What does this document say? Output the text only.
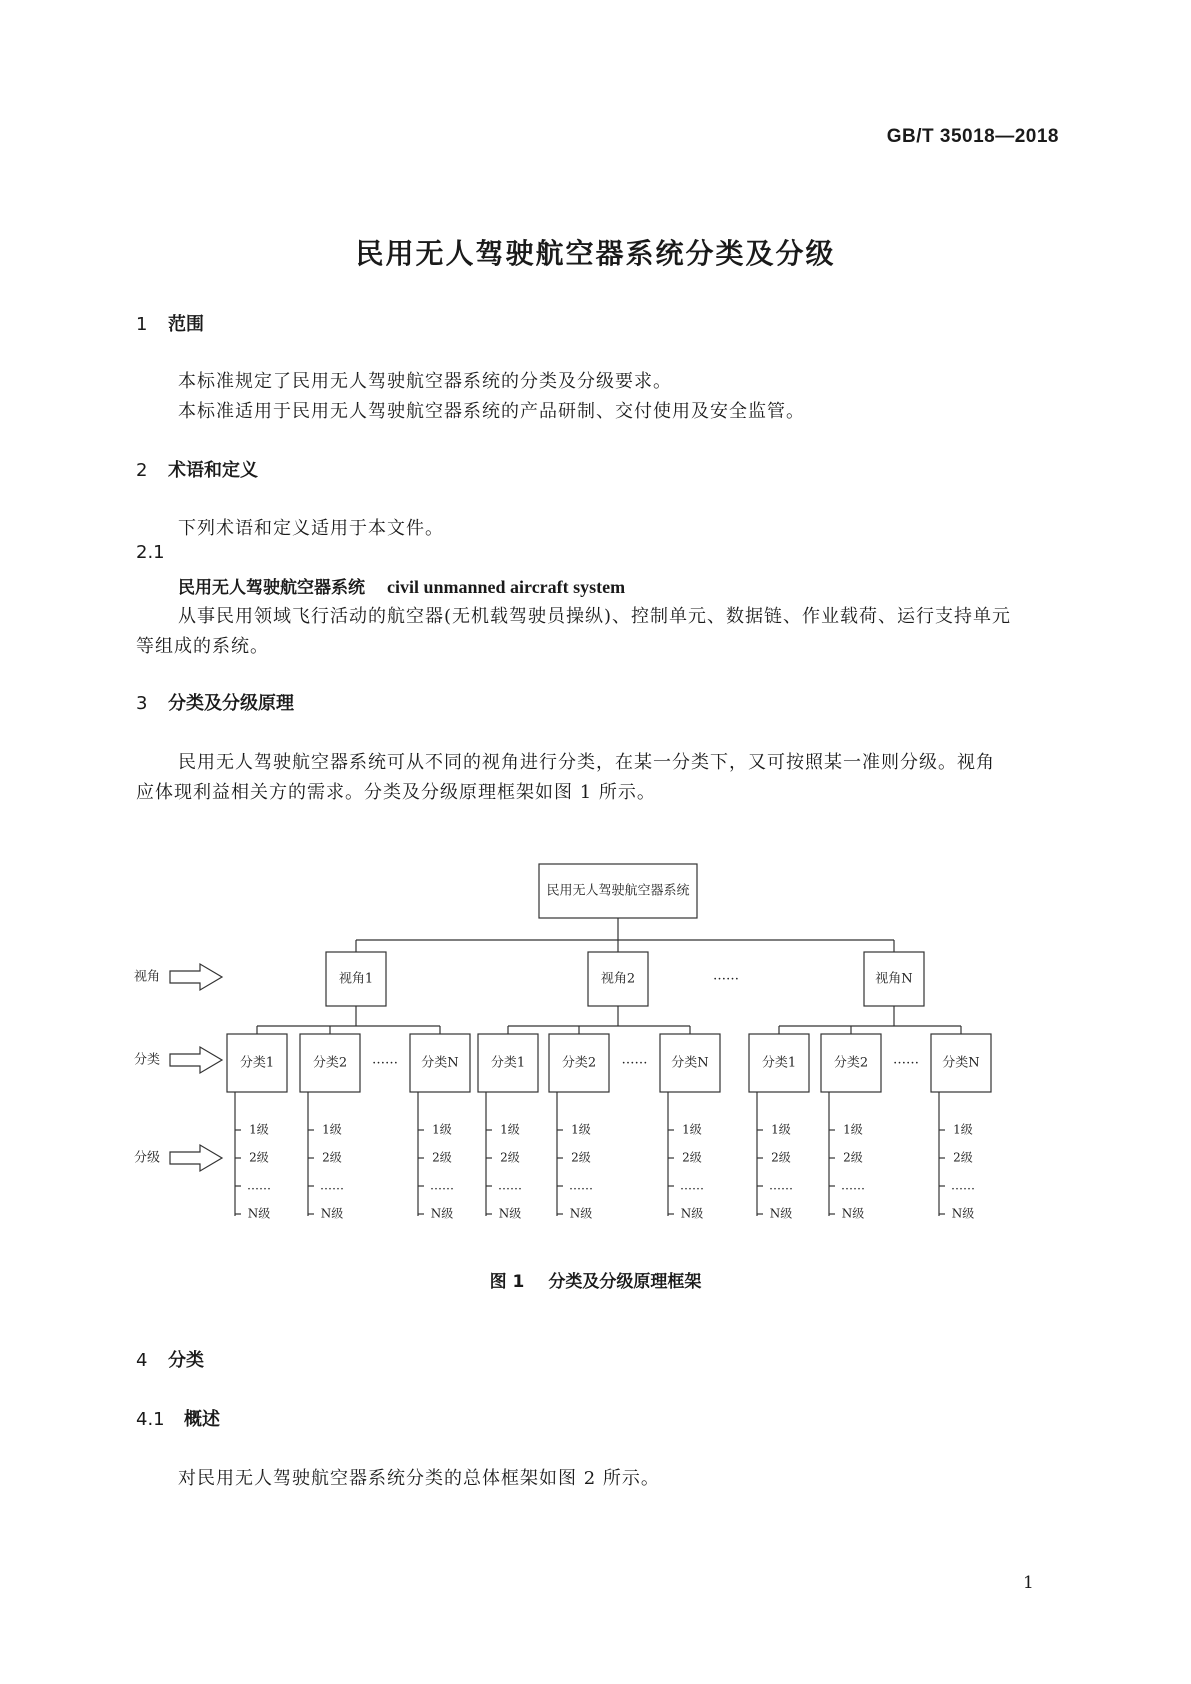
GB/T 35018—2018
民用无人驾驶航空器系统分类及分级
1 范围
本标准规定了民用无人驾驶航空器系统的分类及分级要求。
本标准适用于民用无人驾驶航空器系统的产品研制、交付使用及安全监管。
2 术语和定义
下列术语和定义适用于本文件。
2.1
民用无人驾驶航空器系统 civil unmanned aircraft system
从事民用领域飞行活动的航空器(无机载驾驶员操纵)、控制单元、数据链、作业载荷、运行支持单元
等组成的系统。
3 分类及分级原理
民用无人驾驶航空器系统可从不同的视角进行分类，在某一分类下，又可按照某一准则分级。视角
应体现利益相关方的需求。分类及分级原理框架如图 1 所示。
民用无人驾驶航空器系统
视角1	视角2	视角N
……
分类1
1级
2级
……
N级
分类2
1级
2级
……
N级
分类N
1级
2级
……
N级
……	分类1
1级
2级
……
N级
分类2
1级
2级
……
N级
分类N
1级
2级
……
N级
……	分类1
1级
2级
……
N级
分类2
1级
2级
……
N级
分类N
1级
2级
……
N级
……
视角
分类
分级
图 1 分类及分级原理框架
4 分类
4.1 概述
对民用无人驾驶航空器系统分类的总体框架如图 2 所示。
1
